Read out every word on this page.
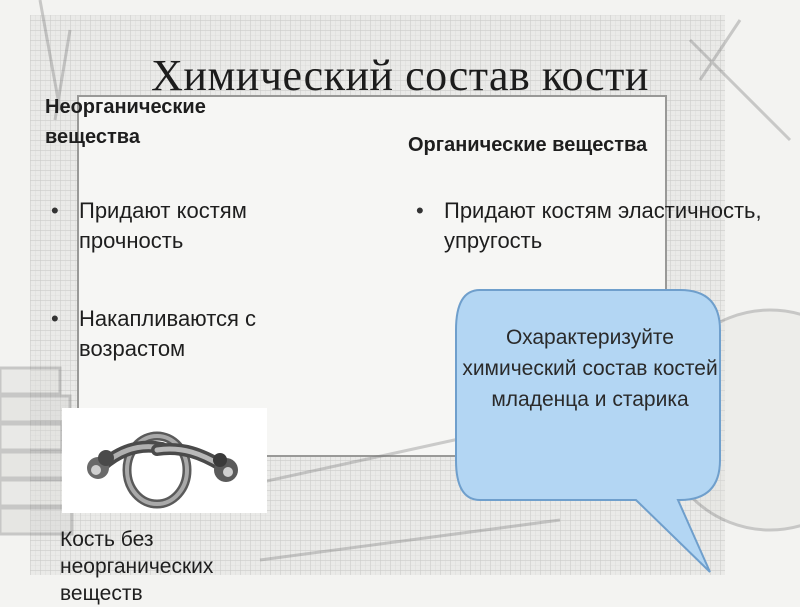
Химический состав кости
Неорганические вещества	Органические вещества
• Придают костям прочность
• Накапливаются с возрастом
• Придают костям эластичность, упругость
Кость без неорганических веществ
Охарактеризуйте химический состав костей младенца и старика
